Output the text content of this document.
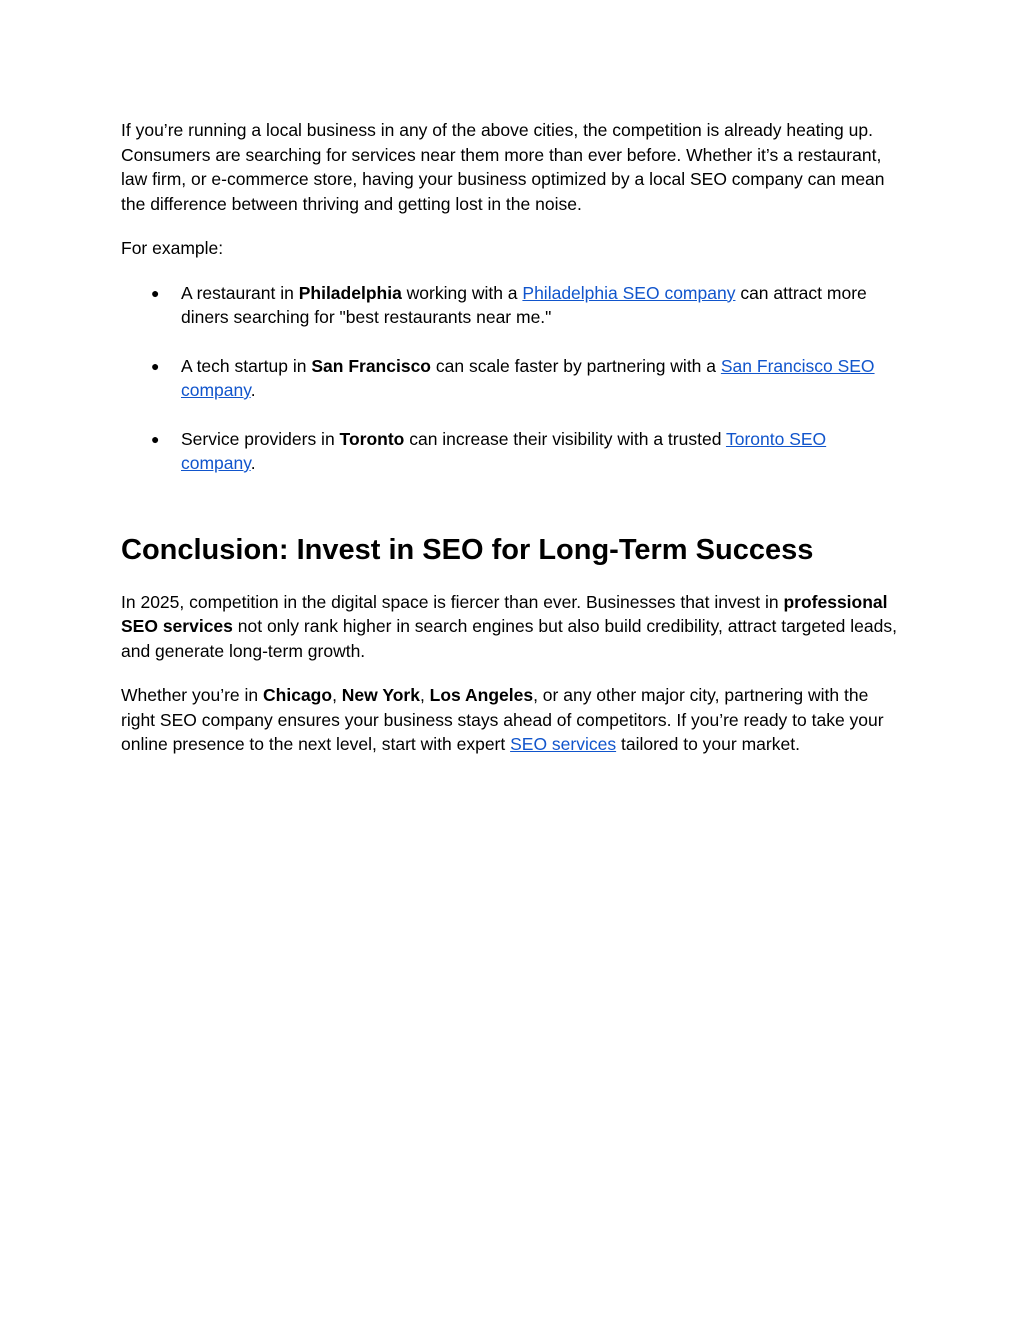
If you’re running a local business in any of the above cities, the competition is already heating up. Consumers are searching for services near them more than ever before. Whether it’s a restaurant, law firm, or e-commerce store, having your business optimized by a local SEO company can mean the difference between thriving and getting lost in the noise.

For example:

● A restaurant in Philadelphia working with a Philadelphia SEO company can attract more diners searching for "best restaurants near me."
● A tech startup in San Francisco can scale faster by partnering with a San Francisco SEO company.
● Service providers in Toronto can increase their visibility with a trusted Toronto SEO company.
Conclusion: Invest in SEO for Long-Term Success

In 2025, competition in the digital space is fiercer than ever. Businesses that invest in professional SEO services not only rank higher in search engines but also build credibility, attract targeted leads, and generate long-term growth.

Whether you’re in Chicago, New York, Los Angeles, or any other major city, partnering with the right SEO company ensures your business stays ahead of competitors. If you’re ready to take your online presence to the next level, start with expert SEO services tailored to your market.
